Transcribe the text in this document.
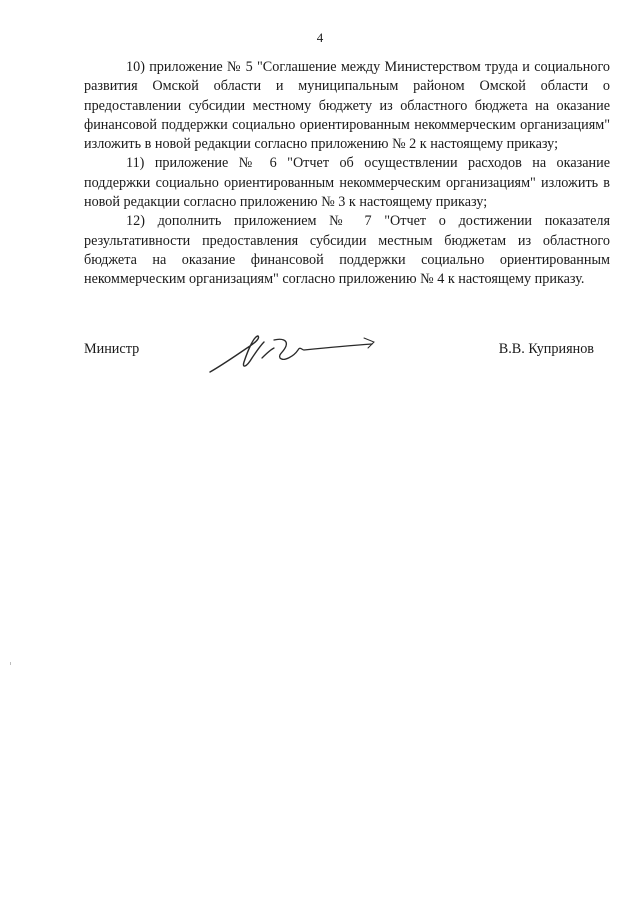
4

10) приложение № 5 "Соглашение между Министерством труда и социального развития Омской области и муниципальным районом Омской области о предоставлении субсидии местному бюджету из областного бюджета на оказание финансовой поддержки социально ориентированным некоммерческим организациям" изложить в новой редакции согласно приложению № 2 к настоящему приказу;

11) приложение № 6 "Отчет об осуществлении расходов на оказание поддержки социально ориентированным некоммерческим организациям" изложить в новой редакции согласно приложению № 3 к настоящему приказу;

12) дополнить приложением № 7 "Отчет о достижении показателя результативности предоставления субсидии местным бюджетам из областного бюджета на оказание финансовой поддержки социально ориентированным некоммерческим организациям" согласно приложению № 4 к настоящему приказу.

Министр	В.В. Куприянов
